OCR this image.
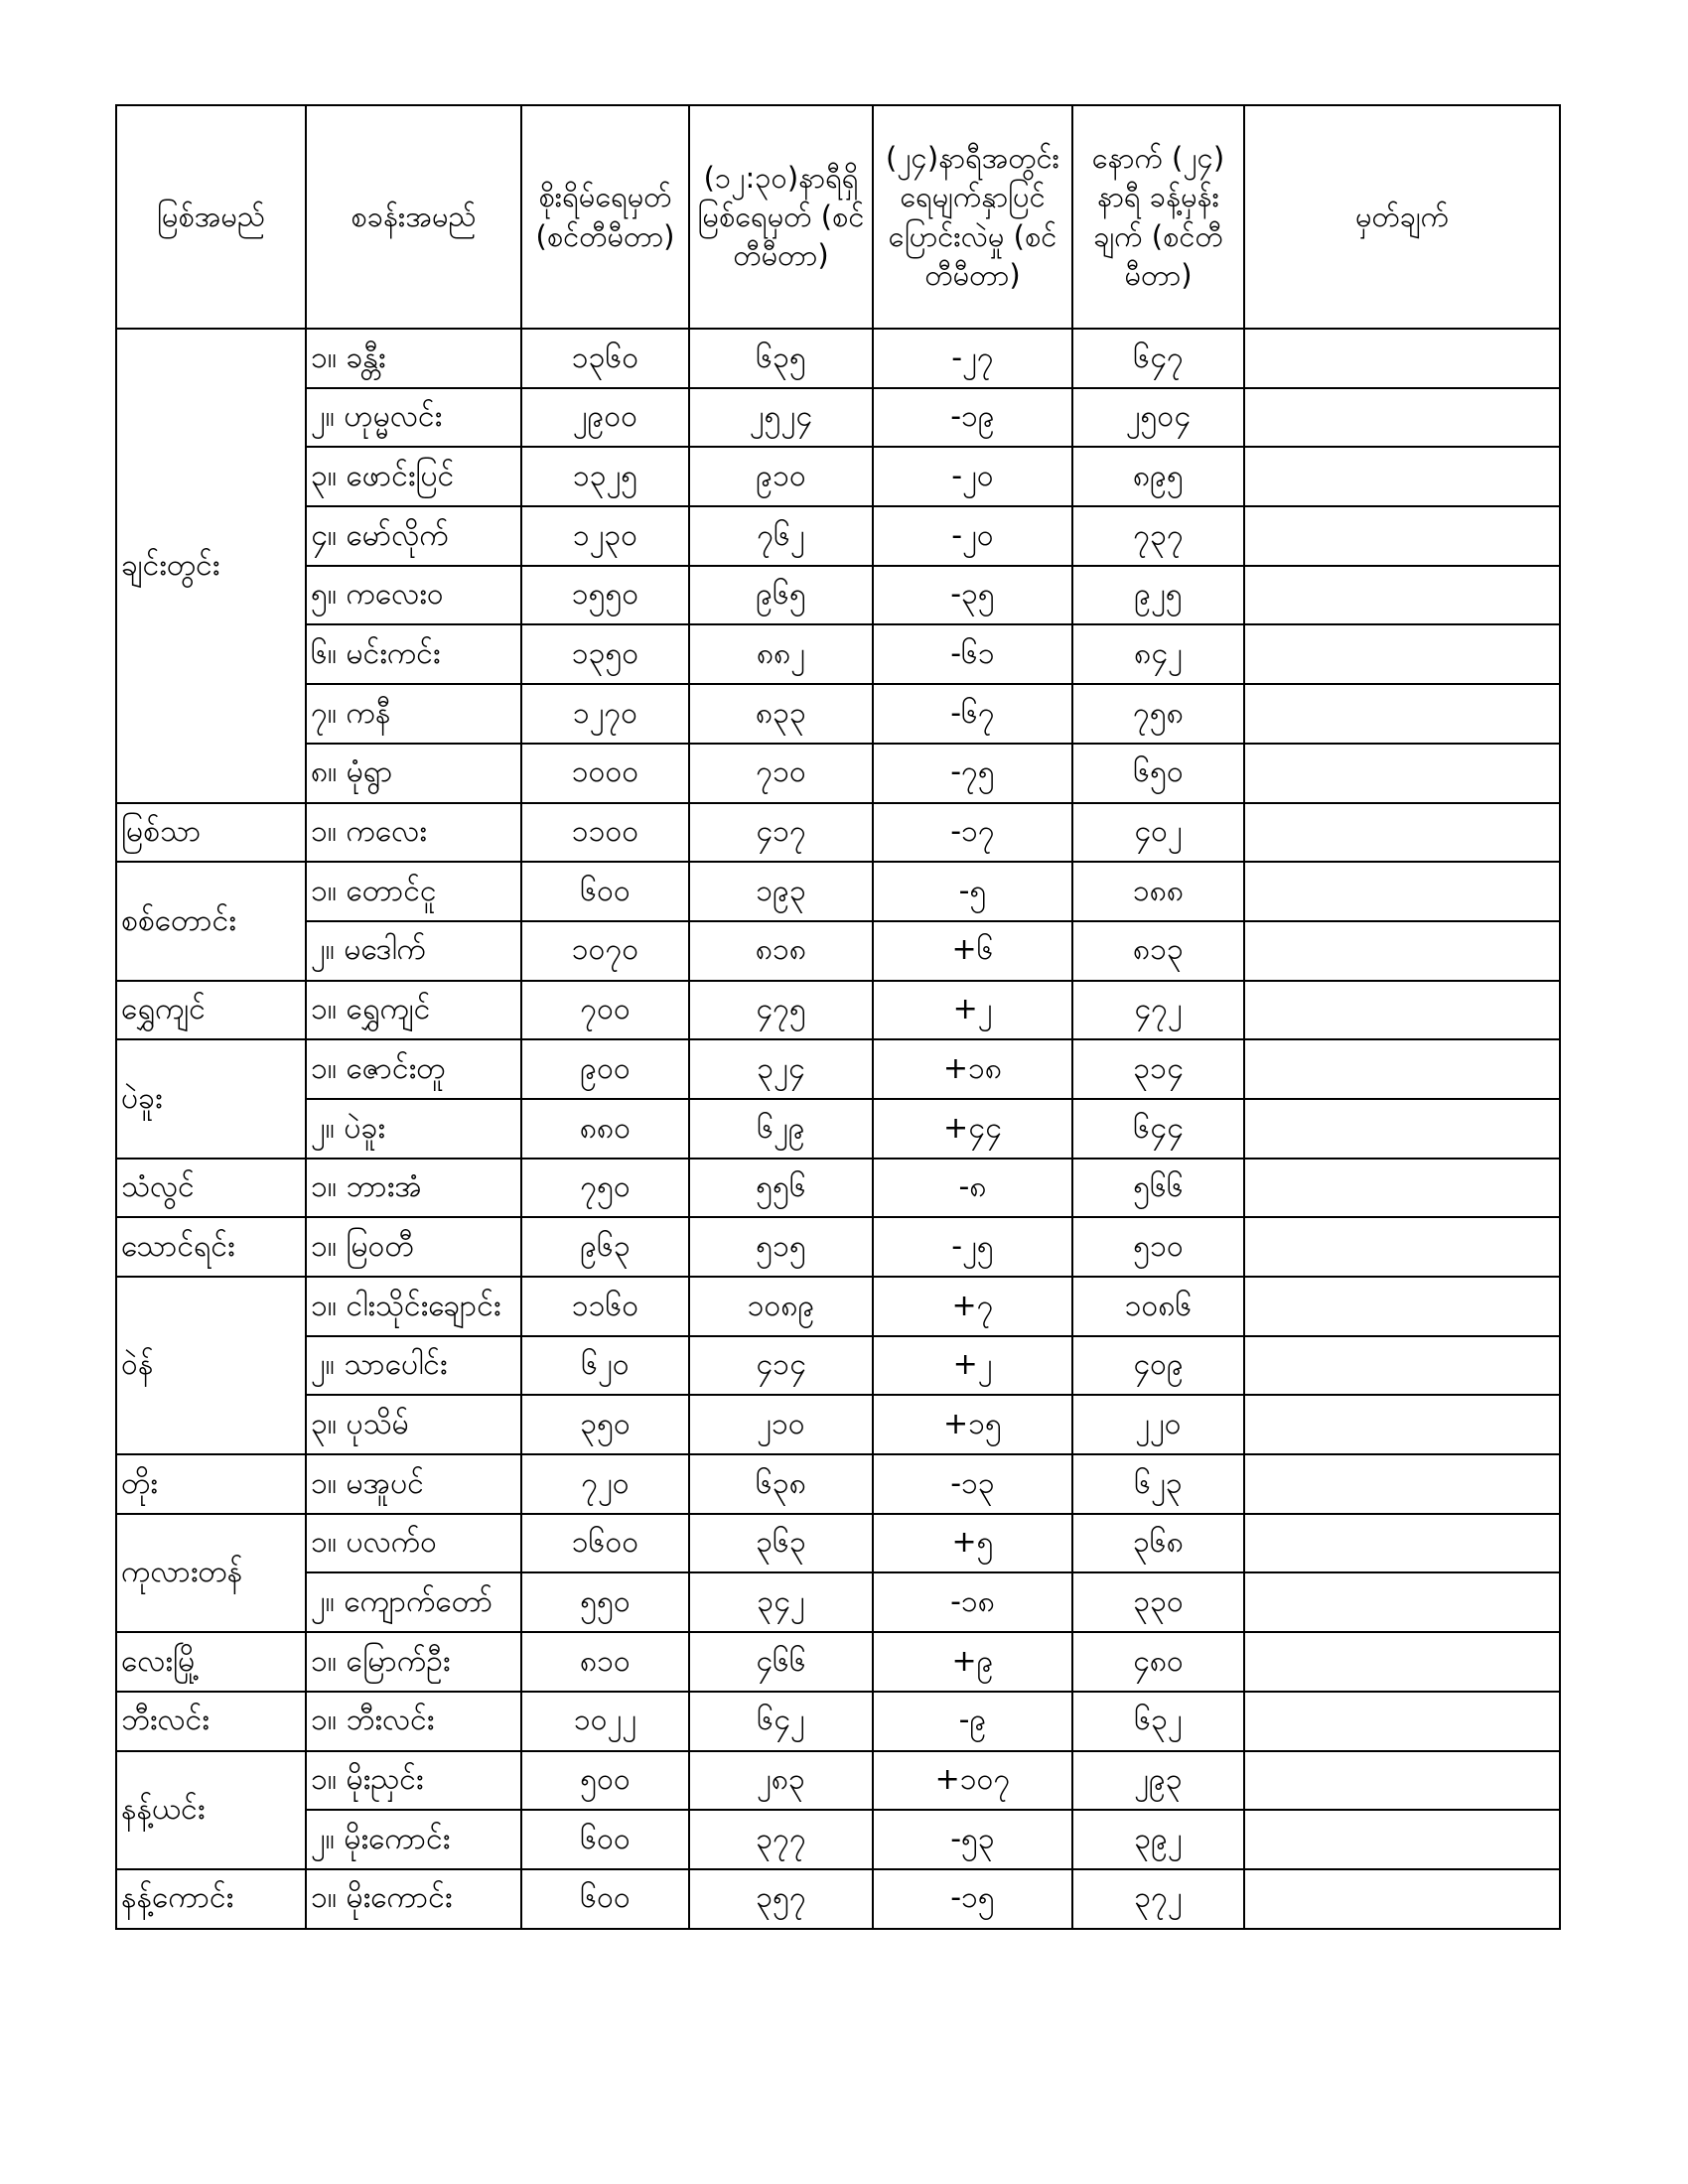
မြစ်အမည်	စခန်းအမည်	စိုးရိမ်ရေမှတ် (စင်တီမီတာ)	(၁၂:၃၀)နာရီရှိ မြစ်ရေမှတ် (စင်တီမီတာ)	(၂၄)နာရီအတွင်း ရေမျက်နှာပြင် ပြောင်းလဲမှု (စင်တီမီတာ)	နောက် (၂၄) နာရီ ခန့်မှန်းချက် (စင်တီမီတာ)	မှတ်ချက်
ချင်းတွင်း	၁။ ခန္တီး	၁၃၆၀	၆၃၅	-၂၇	၆၄၇	
	၂။ ဟုမ္မလင်း	၂၉၀၀	၂၅၂၄	-၁၉	၂၅၀၄	
	၃။ ဖောင်းပြင်	၁၃၂၅	၉၁၀	-၂၀	၈၉၅	
	၄။ မော်လိုက်	၁၂၃၀	၇၆၂	-၂၀	၇၃၇	
	၅။ ကလေးဝ	၁၅၅၀	၉၆၅	-၃၅	၉၂၅	
	၆။ မင်းကင်း	၁၃၅၀	၈၈၂	-၆၁	၈၄၂	
	၇။ ကနီ	၁၂၇၀	၈၃၃	-၆၇	၇၅၈	
	၈။ မုံရွာ	၁၀၀၀	၇၁၀	-၇၅	၆၅၀	
မြစ်သာ	၁။ ကလေး	၁၁၀၀	၄၁၇	-၁၇	၄၀၂	
စစ်တောင်း	၁။ တောင်ငူ	၆၀၀	၁၉၃	-၅	၁၈၈	
	၂။ မဒေါက်	၁၀၇၀	၈၁၈	+၆	၈၁၃	
ရွှေကျင်	၁။ ရွှေကျင်	၇၀၀	၄၇၅	+၂	၄၇၂	
ပဲခူး	၁။ ဇောင်းတူ	၉၀၀	၃၂၄	+၁၈	၃၁၄	
	၂။ ပဲခူး	၈၈၀	၆၂၉	+၄၄	၆၄၄	
သံလွင်	၁။ ဘားအံ	၇၅၀	၅၅၆	-၈	၅၆၆	
သောင်ရင်း	၁။ မြဝတီ	၉၆၃	၅၁၅	-၂၅	၅၁၀	
ဝဲန်	၁။ ငါးသိုင်းချောင်း	၁၁၆၀	၁၀၈၉	+၇	၁၀၈၆	
	၂။ သာပေါင်း	၆၂၀	၄၁၄	+၂	၄၀၉	
	၃။ ပုသိမ်	၃၅၀	၂၁၀	+၁၅	၂၂၀	
တိုး	၁။ မအူပင်	၇၂၀	၆၃၈	-၁၃	၆၂၃	
ကုလားတန်	၁။ ပလက်ဝ	၁၆၀၀	၃၆၃	+၅	၃၆၈	
	၂။ ကျောက်တော်	၅၅၀	၃၄၂	-၁၈	၃၃၀	
လေးမြို့	၁။ မြောက်ဦး	၈၁၀	၄၆၆	+၉	၄၈၀	
ဘီးလင်း	၁။ ဘီးလင်း	၁၀၂၂	၆၄၂	-၉	၆၃၂	
နန့်ယင်း	၁။ မိုးညှင်း	၅၀၀	၂၈၃	+၁၀၇	၂၉၃	
	၂။ မိုးကောင်း	၆၀၀	၃၇၇	-၅၃	၃၉၂	
နန့်ကောင်း	၁။ မိုးကောင်း	၆၀၀	၃၅၇	-၁၅	၃၇၂	
